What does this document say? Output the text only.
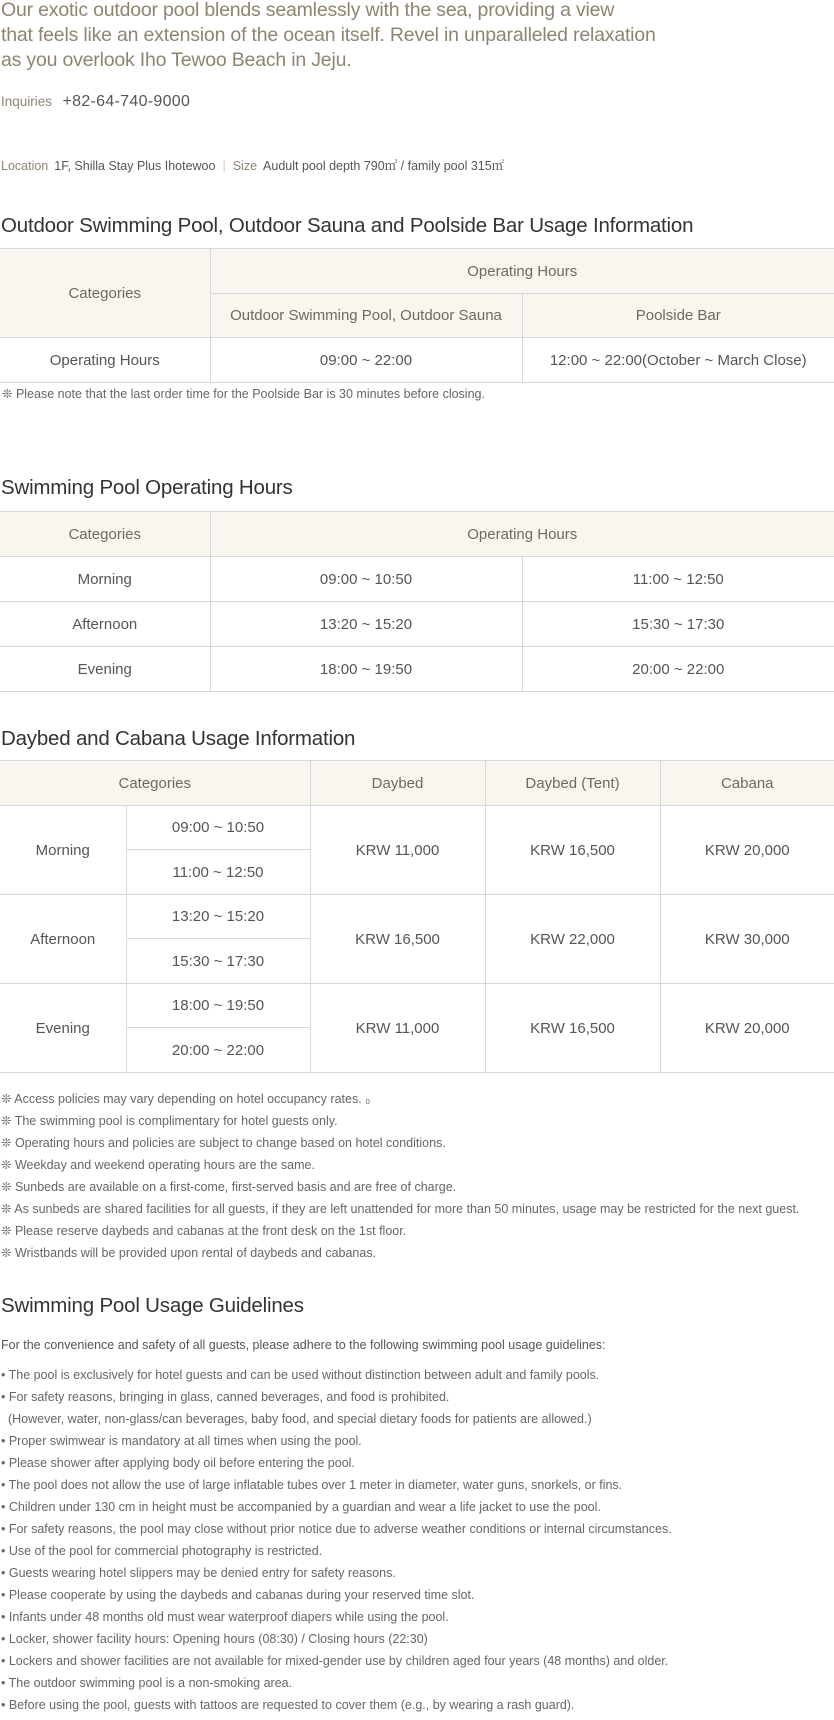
Our exotic outdoor pool blends seamlessly with the sea, providing a view
that feels like an extension of the ocean itself. Revel in unparalleled relaxation
as you overlook Iho Tewoo Beach in Jeju.

Inquiries +82-64-740-9000
Location 1F, Shilla Stay Plus Ihotewoo | Size Audult pool depth 790㎡ / family pool 315㎡
Outdoor Swimming Pool, Outdoor Sauna and Poolside Bar Usage Information
Categories	Operating Hours	
	Outdoor Swimming Pool, Outdoor Sauna	Poolside Bar
Operating Hours	09:00 ~ 22:00	12:00 ~ 22:00(October ~ March Close)
❊ Please note that the last order time for the Poolside Bar is 30 minutes before closing.
Swimming Pool Operating Hours
Categories	Operating Hours	
Morning	09:00 ~ 10:50	11:00 ~ 12:50
Afternoon	13:20 ~ 15:20	15:30 ~ 17:30
Evening	18:00 ~ 19:50	20:00 ~ 22:00
Daybed and Cabana Usage Information
Categories		Daybed	Daybed (Tent)	Cabana
Morning	09:00 ~ 10:50	KRW 11,000	KRW 16,500	KRW 20,000
	11:00 ~ 12:50			
Afternoon	13:20 ~ 15:20	KRW 16,500	KRW 22,000	KRW 30,000
	15:30 ~ 17:30			
Evening	18:00 ~ 19:50	KRW 11,000	KRW 16,500	KRW 20,000
	20:00 ~ 22:00			
❊ Access policies may vary depending on hotel occupancy rates. ₀
❊ The swimming pool is complimentary for hotel guests only.
❊ Operating hours and policies are subject to change based on hotel conditions.
❊ Weekday and weekend operating hours are the same.
❊ Sunbeds are available on a first-come, first-served basis and are free of charge.
❊ As sunbeds are shared facilities for all guests, if they are left unattended for more than 50 minutes, usage may be restricted for the next guest.
❊ Please reserve daybeds and cabanas at the front desk on the 1st floor.
❊ Wristbands will be provided upon rental of daybeds and cabanas.
Swimming Pool Usage Guidelines
For the convenience and safety of all guests, please adhere to the following swimming pool usage guidelines:
• The pool is exclusively for hotel guests and can be used without distinction between adult and family pools.
• For safety reasons, bringing in glass, canned beverages, and food is prohibited.
(However, water, non-glass/can beverages, baby food, and special dietary foods for patients are allowed.)
• Proper swimwear is mandatory at all times when using the pool.
• Please shower after applying body oil before entering the pool.
• The pool does not allow the use of large inflatable tubes over 1 meter in diameter, water guns, snorkels, or fins.
• Children under 130 cm in height must be accompanied by a guardian and wear a life jacket to use the pool.
• For safety reasons, the pool may close without prior notice due to adverse weather conditions or internal circumstances.
• Use of the pool for commercial photography is restricted.
• Guests wearing hotel slippers may be denied entry for safety reasons.
• Please cooperate by using the daybeds and cabanas during your reserved time slot.
• Infants under 48 months old must wear waterproof diapers while using the pool.
• Locker, shower facility hours: Opening hours (08:30) / Closing hours (22:30)
• Lockers and shower facilities are not available for mixed-gender use by children aged four years (48 months) and older.
• The outdoor swimming pool is a non-smoking area.
• Before using the pool, guests with tattoos are requested to cover them (e.g., by wearing a rash guard).
